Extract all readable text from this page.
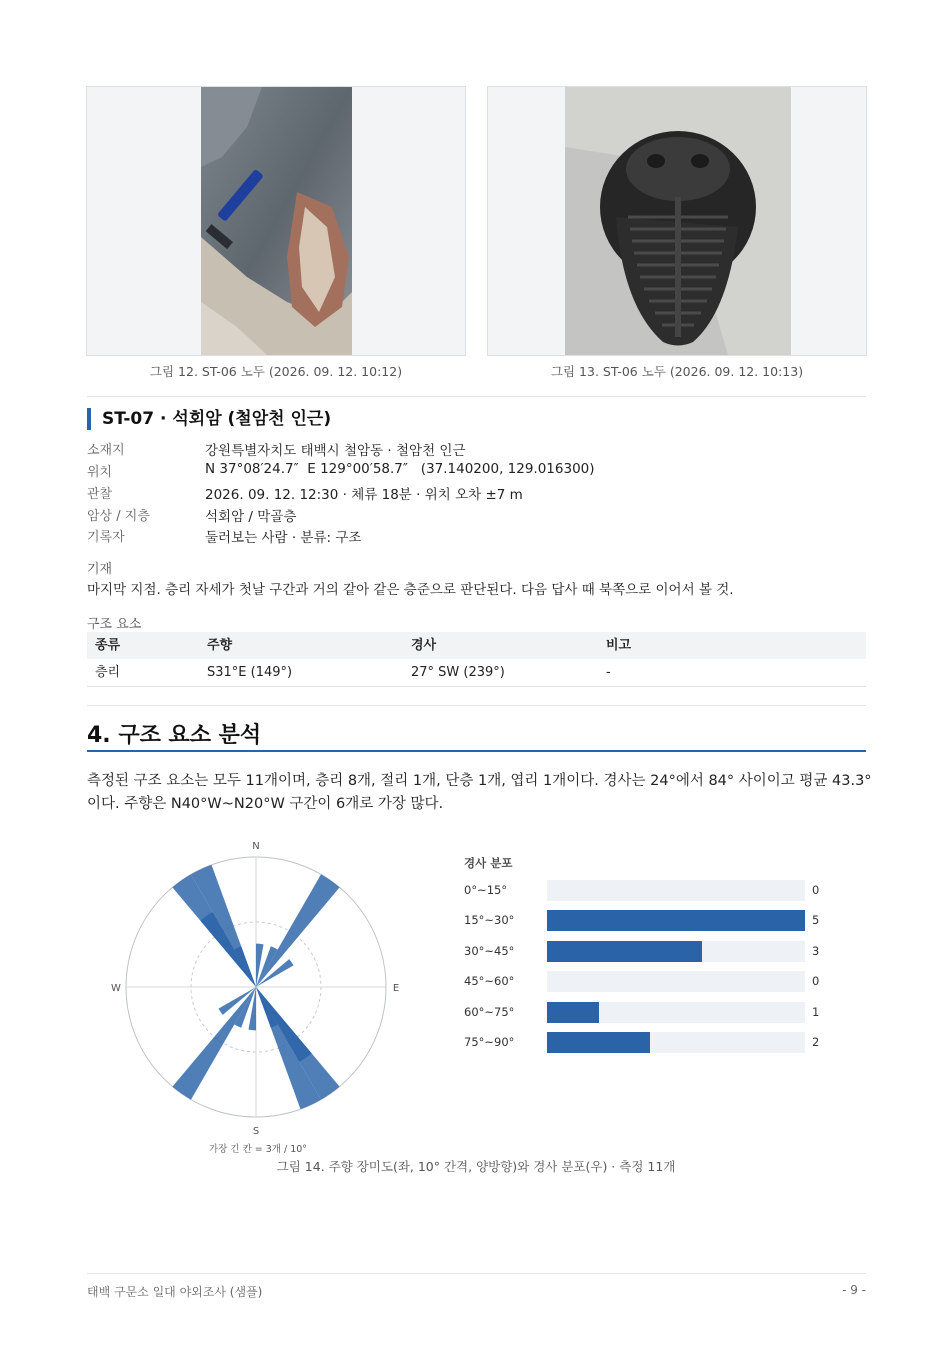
그림 12. ST-06 노두 (2026. 09. 12. 10:12)	그림 13. ST-06 노두 (2026. 09. 12. 10:13)
ST-07 · 석회암 (철암천 인근)
소재지	강원특별자치도 태백시 철암동 · 철암천 인근
위치	N 37°08′24.7″  E 129°00′58.7″   (37.140200, 129.016300)
관찰	2026. 09. 12. 12:30 · 체류 18분 · 위치 오차 ±7 m
암상 / 지층	석회암 / 막골층
기록자	둘러보는 사람 · 분류: 구조
기재
마지막 지점. 층리 자세가 첫날 구간과 거의 같아 같은 층준으로 판단된다. 다음 답사 때 북쪽으로 이어서 볼 것.
구조 요소
종류	주향	경사	비고
층리	S31°E (149°)	27° SW (239°)	-
4. 구조 요소 분석
측정된 구조 요소는 모두 11개이며, 층리 8개, 절리 1개, 단층 1개, 엽리 1개이다. 경사는 24°에서 84° 사이이고 평균 43.3°이다. 주향은 N40°W~N20°W 구간이 6개로 가장 많다.
N
S
W	E
가장 긴 칸 = 3개 / 10°
경사 분포
0°~15°	0
15°~30°	5
30°~45°	3
45°~60°	0
60°~75°	1
75°~90°	2
그림 14. 주향 장미도(좌, 10° 간격, 양방향)와 경사 분포(우) · 측정 11개
태백 구문소 일대 야외조사 (샘플)	- 9 -
